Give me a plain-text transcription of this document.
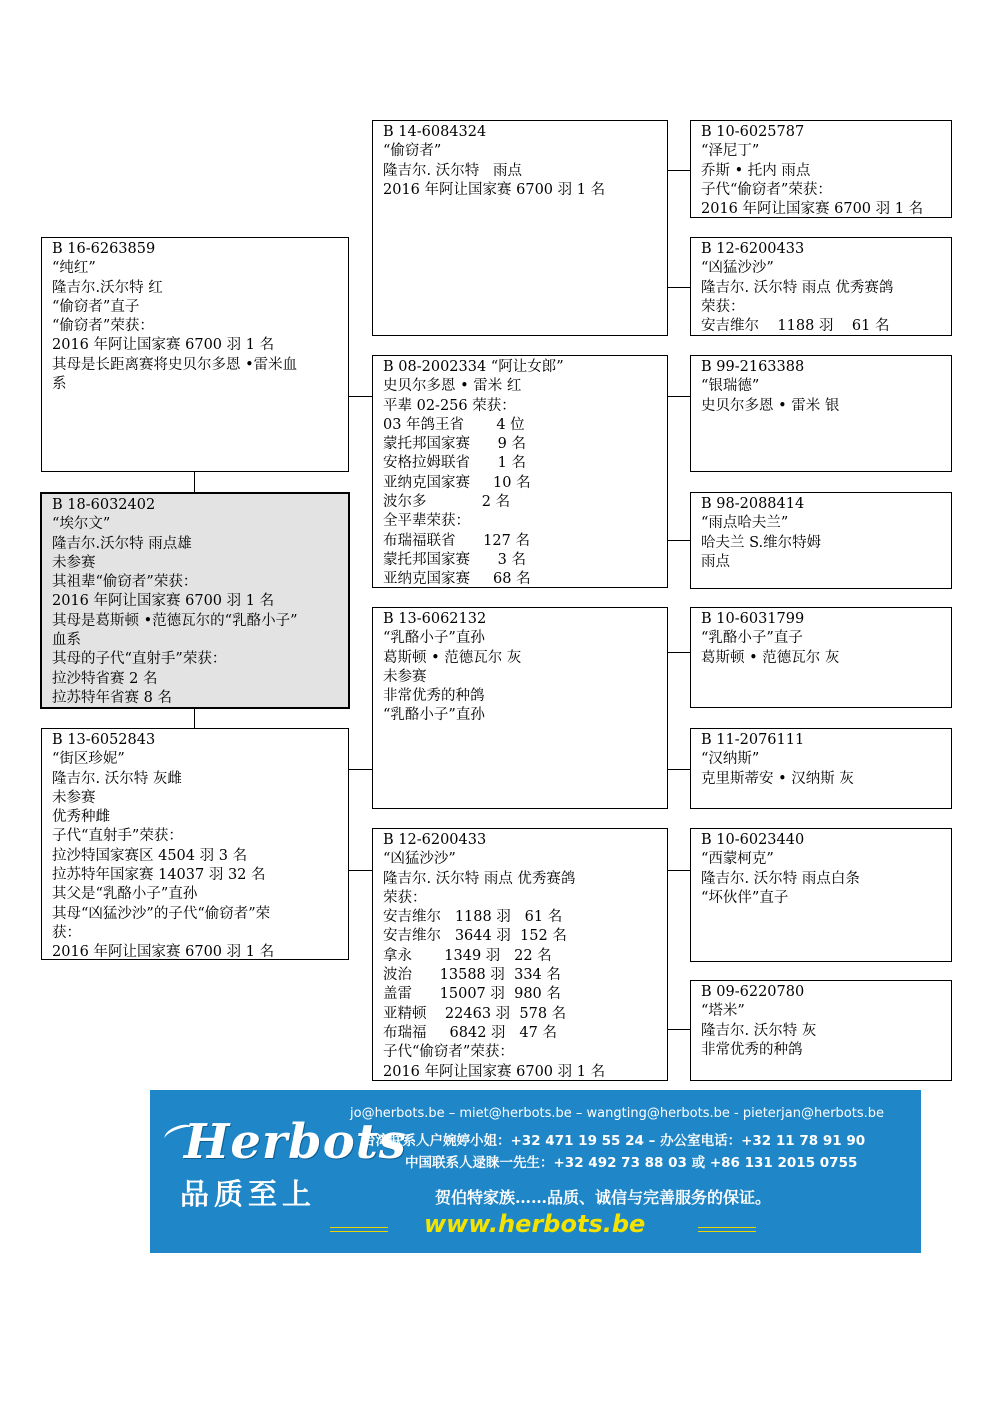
B 16-6263859
“纯红”
隆吉尔.沃尔特 红
“偷窃者”直子
“偷窃者”荣获：
2016 年阿让国家赛 6700 羽 1 名
其母是长距离赛将史贝尔多恩 •雷米血
系
B 18-6032402
“埃尔文”
隆吉尔.沃尔特 雨点雄
未参赛
其祖辈“偷窃者”荣获：
2016 年阿让国家赛 6700 羽 1 名
其母是葛斯顿 •范德瓦尔的“乳酪小子”
血系
其母的子代“直射手”荣获：
拉沙特省赛 2 名
拉苏特年省赛 8 名
B 13-6052843
“街区珍妮”
隆吉尔. 沃尔特 灰雌
未参赛
优秀种雌
子代“直射手”荣获：
拉沙特国家赛区 4504 羽 3 名
拉苏特年国家赛 14037 羽 32 名
其父是“乳酪小子”直孙
其母“凶猛沙沙”的子代“偷窃者”荣
获：
2016 年阿让国家赛 6700 羽 1 名
B 14-6084324
“偷窃者”
隆吉尔. 沃尔特   雨点
2016 年阿让国家赛 6700 羽 1 名
B 08-2002334 “阿让女郎”
史贝尔多恩 • 雷米 红
平辈 02-256 荣获：
03 年鸽王省       4 位
蒙托邦国家赛      9 名
安格拉姆联省      1 名
亚纳克国家赛     10 名
波尔多            2 名
全平辈荣获：
布瑞福联省      127 名
蒙托邦国家赛      3 名
亚纳克国家赛     68 名
B 13-6062132
“乳酪小子”直孙
葛斯顿 • 范德瓦尔 灰
未参赛
非常优秀的种鸽
“乳酪小子”直孙
B 12-6200433
“凶猛沙沙”
隆吉尔. 沃尔特 雨点 优秀赛鸽
荣获：
安吉维尔   1188 羽   61 名
安吉维尔   3644 羽  152 名
拿永       1349 羽   22 名
波治      13588 羽  334 名
盖雷      15007 羽  980 名
亚精顿    22463 羽  578 名
布瑞福     6842 羽   47 名
子代“偷窃者”荣获：
2016 年阿让国家赛 6700 羽 1 名
B 10-6025787
“泽尼丁”
乔斯 • 托内 雨点
子代“偷窃者”荣获：
2016 年阿让国家赛 6700 羽 1 名
B 12-6200433
“凶猛沙沙”
隆吉尔. 沃尔特 雨点 优秀赛鸽
荣获：
安吉维尔    1188 羽    61 名
B 99-2163388
“银瑞德”
史贝尔多恩 • 雷米 银
B 98-2088414
“雨点哈夫兰”
哈夫兰 S.维尔特姆
雨点
B 10-6031799
“乳酪小子”直子
葛斯顿 • 范德瓦尔 灰
B 11-2076111
“汉纳斯”
克里斯蒂安 • 汉纳斯 灰
B 10-6023440
“西蒙柯克”
隆吉尔. 沃尔特 雨点白条
“坏伙伴”直子
B 09-6220780
“塔米”
隆吉尔. 沃尔特 灰
非常优秀的种鸽
Herbots
品质至上
jo@herbots.be – miet@herbots.be – wangting@herbots.be - pieterjan@herbots.be
台湾联系人户婉婷小姐：+32 471 19 55 24 – 办公室电话：+32 11 78 91 90
中国联系人逯睐一先生：+32 492 73 88 03 或 +86 131 2015 0755
贺伯特家族……品质、诚信与完善服务的保证。
www.herbots.be
